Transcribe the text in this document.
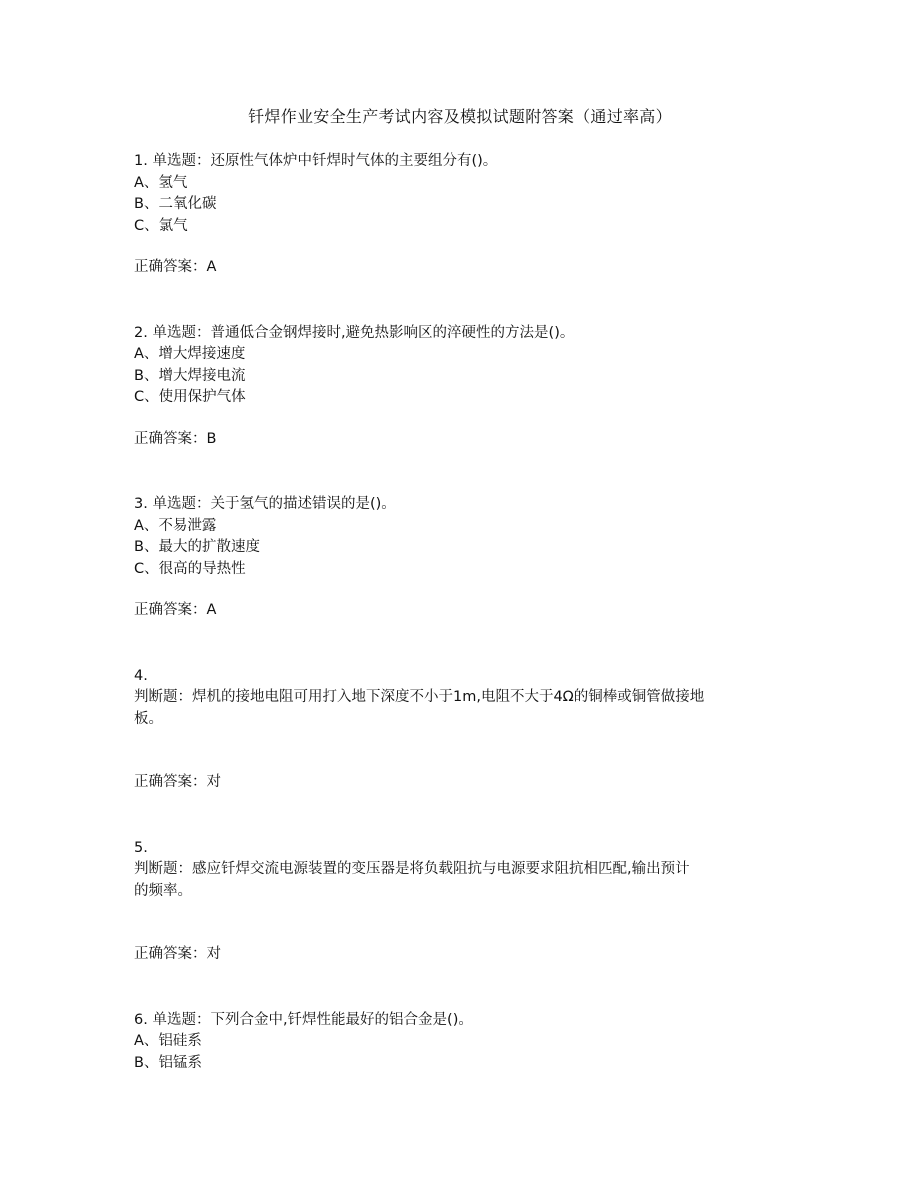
钎焊作业安全生产考试内容及模拟试题附答案（通过率高）

1. 单选题：还原性气体炉中钎焊时气体的主要组分有()。

A、氢气

B、二氧化碳

C、氯气

正确答案：A

2. 单选题：普通低合金钢焊接时,避免热影响区的淬硬性的方法是()。

A、增大焊接速度

B、增大焊接电流

C、使用保护气体

正确答案：B

3. 单选题：关于氢气的描述错误的是()。

A、不易泄露

B、最大的扩散速度

C、很高的导热性

正确答案：A

4.

判断题：焊机的接地电阻可用打入地下深度不小于1m,电阻不大于4Ω的铜棒或铜管做接地

板。

正确答案：对

5.

判断题：感应钎焊交流电源装置的变压器是将负载阻抗与电源要求阻抗相匹配,输出预计

的频率。

正确答案：对

6. 单选题：下列合金中,钎焊性能最好的铝合金是()。

A、铝硅系

B、铝锰系
